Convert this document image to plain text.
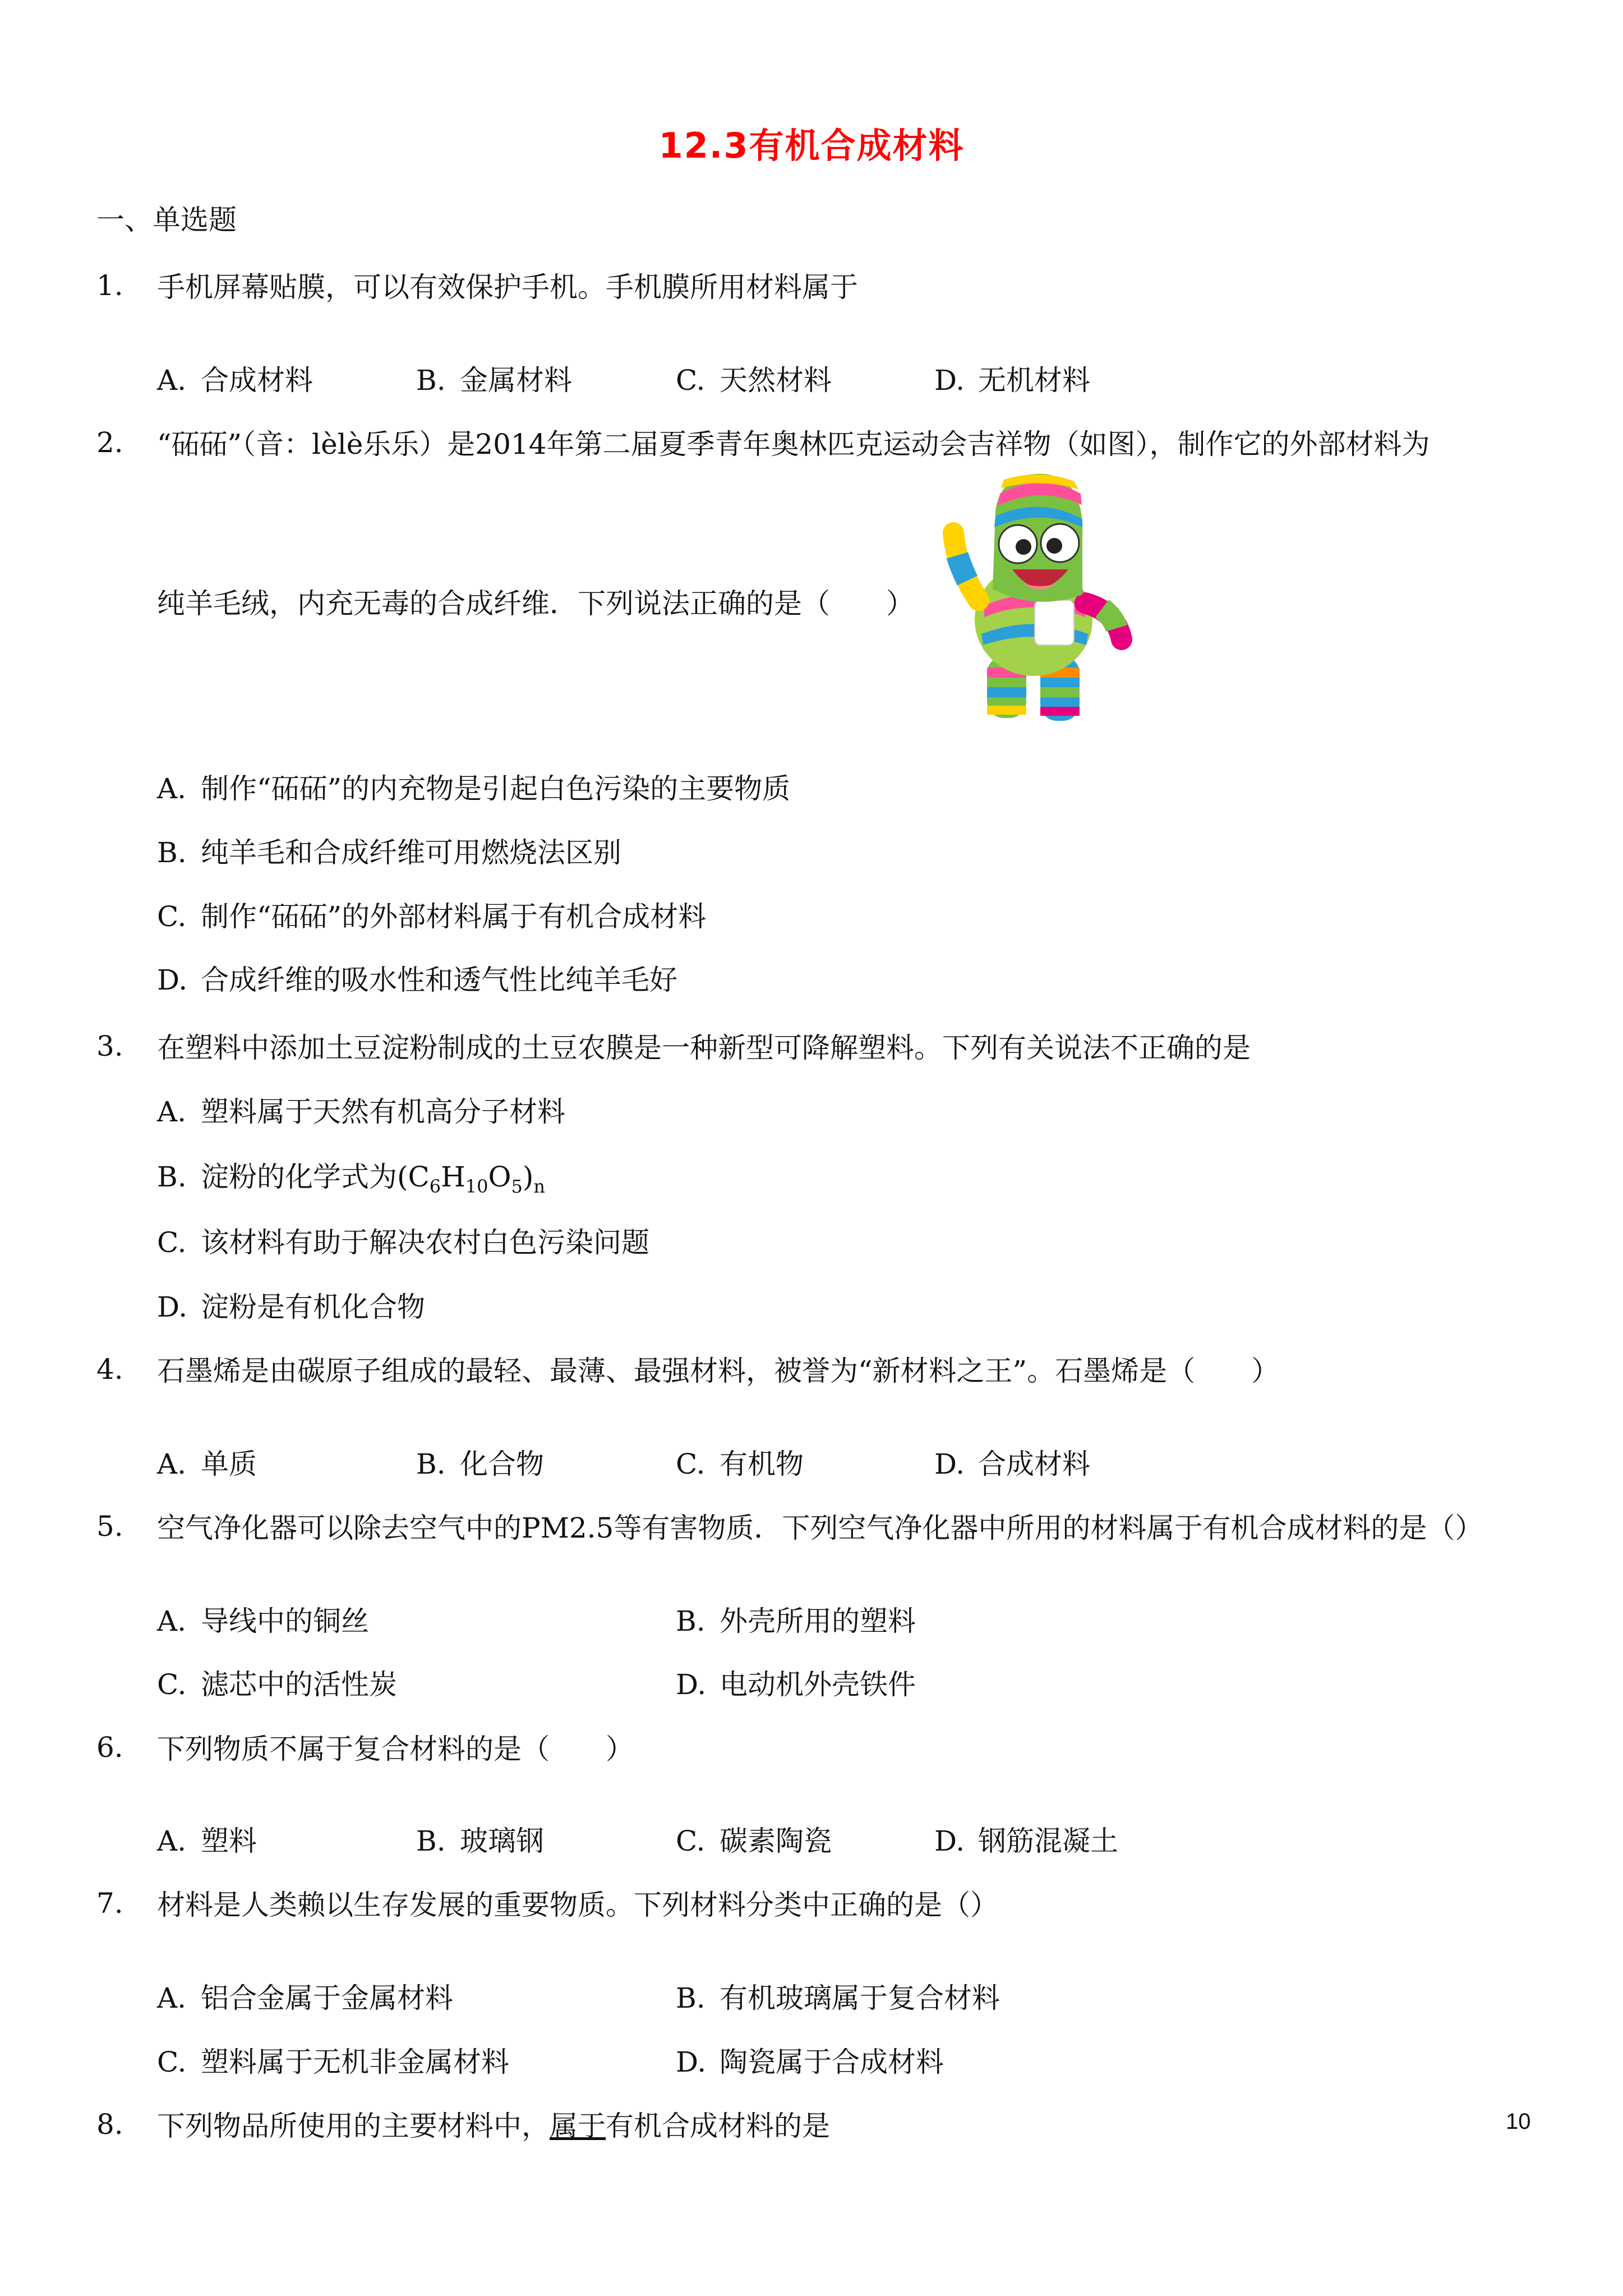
12.3有机合成材料
一、单选题
1.	手机屏幕贴膜，可以有效保护手机。手机膜所用材料属于
A. 合成材料	B. 金属材料	C. 天然材料	D. 无机材料
2.	“砳砳”（音：lèlè乐乐）是2014年第二届夏季青年奥林匹克运动会吉祥物（如图），制作它的外部材料为
纯羊毛绒，内充无毒的合成纤维．下列说法正确的是（　　）
A. 制作“砳砳”的内充物是引起白色污染的主要物质
B. 纯羊毛和合成纤维可用燃烧法区别
C. 制作“砳砳”的外部材料属于有机合成材料
D. 合成纤维的吸水性和透气性比纯羊毛好
3.	在塑料中添加土豆淀粉制成的土豆农膜是一种新型可降解塑料。下列有关说法不正确的是
A. 塑料属于天然有机高分子材料
B. 淀粉的化学式为$(C_6H_{10}O_5)_n$
C. 该材料有助于解决农村白色污染问题
D. 淀粉是有机化合物
4.	石墨烯是由碳原子组成的最轻、最薄、最强材料，被誉为“新材料之王”。石墨烯是（　　）
A. 单质	B. 化合物	C. 有机物	D. 合成材料
5.	空气净化器可以除去空气中的PM2.5等有害物质．下列空气净化器中所用的材料属于有机合成材料的是（）
A. 导线中的铜丝	B. 外壳所用的塑料
C. 滤芯中的活性炭	D. 电动机外壳铁件
6.	下列物质不属于复合材料的是（　　）
A. 塑料	B. 玻璃钢	C. 碳素陶瓷	D. 钢筋混凝土
7.	材料是人类赖以生存发展的重要物质。下列材料分类中正确的是（）
A. 铝合金属于金属材料	B. 有机玻璃属于复合材料
C. 塑料属于无机非金属材料	D. 陶瓷属于合成材料
8.	下列物品所使用的主要材料中，属于有机合成材料的是	10
